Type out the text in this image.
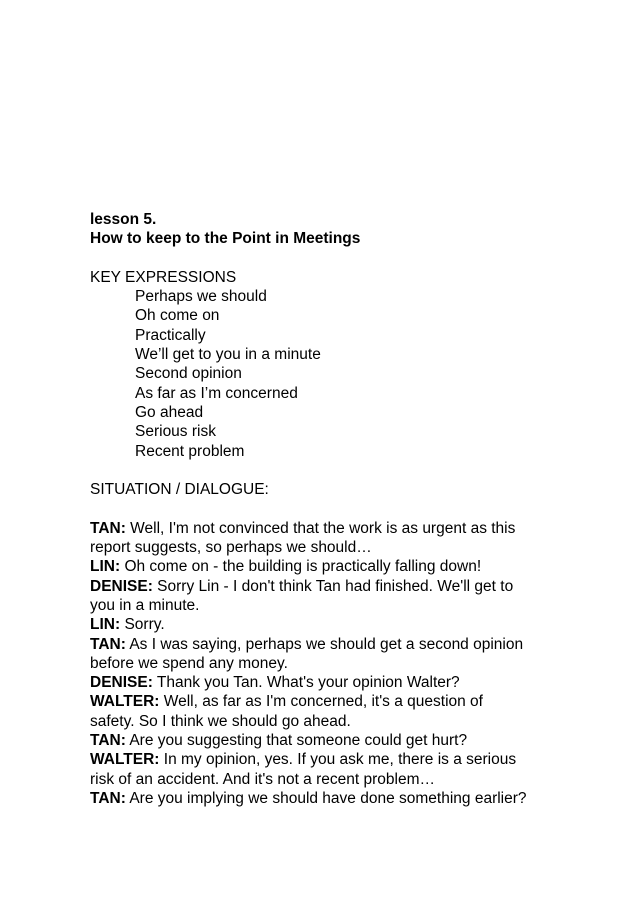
lesson 5.
How to keep to the Point in Meetings
KEY EXPRESSIONS
Perhaps we should
Oh come on
Practically
We’ll get to you in a minute
Second opinion
As far as I’m concerned
Go ahead
Serious risk
Recent problem
SITUATION / DIALOGUE:
TAN: Well, I'm not convinced that the work is as urgent as this
report suggests, so perhaps we should…
LIN: Oh come on - the building is practically falling down!
DENISE: Sorry Lin - I don't think Tan had finished. We'll get to
you in a minute.
LIN: Sorry.
TAN: As I was saying, perhaps we should get a second opinion
before we spend any money.
DENISE: Thank you Tan. What's your opinion Walter?
WALTER: Well, as far as I'm concerned, it's a question of
safety. So I think we should go ahead.
TAN: Are you suggesting that someone could get hurt?
WALTER: In my opinion, yes. If you ask me, there is a serious
risk of an accident. And it's not a recent problem…
TAN: Are you implying we should have done something earlier?
